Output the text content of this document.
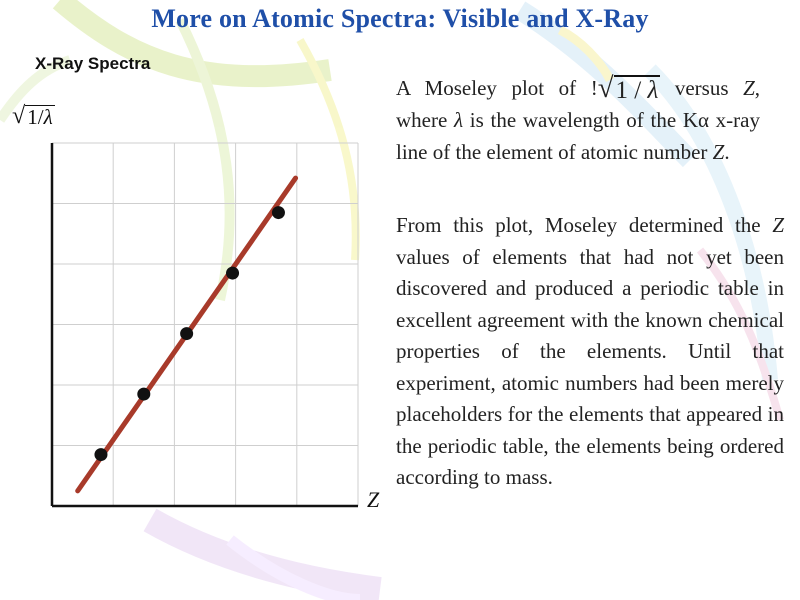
More on Atomic Spectra: Visible and X-Ray
X-Ray Spectra
√ 1/λ
Z
A Moseley plot of ! √ 1 / λ versus Z, where λ is the wavelength of the Kα x-ray line of the element of atomic number Z.
From this plot, Moseley determined the Z values of elements that had not yet been discovered and produced a periodic table in excellent agreement with the known chemical properties of the elements. Until that experiment, atomic numbers had been merely placeholders for the elements that appeared in the periodic table, the elements being ordered according to mass.
